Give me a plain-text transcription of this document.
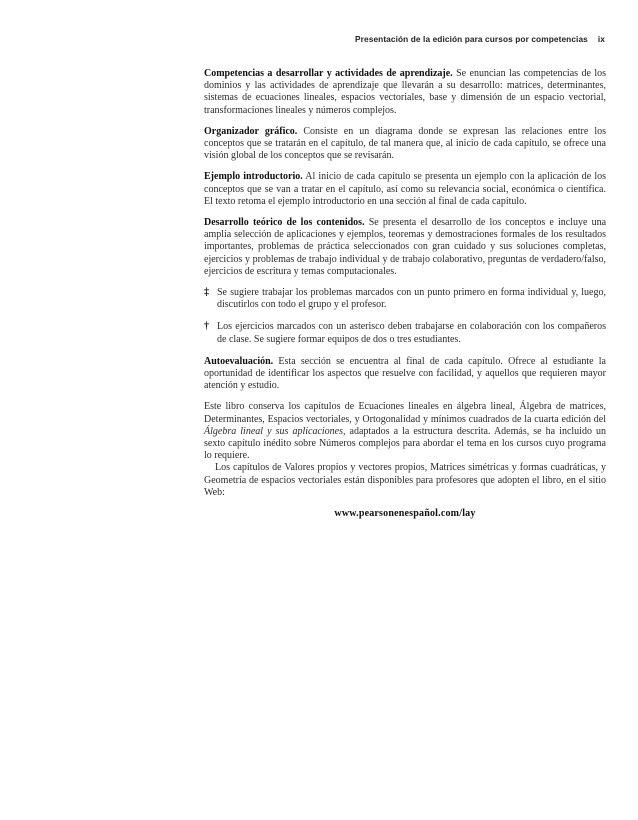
Presentación de la edición para cursos por competencias ix

Competencias a desarrollar y actividades de aprendizaje. Se enuncian las competencias de los dominios y las actividades de aprendizaje que llevarán a su desarrollo: matrices, determinantes, sistemas de ecuaciones lineales, espacios vectoriales, base y dimensión de un espacio vectorial, transformaciones lineales y números complejos.

Organizador gráfico. Consiste en un diagrama donde se expresan las relaciones entre los conceptos que se tratarán en el capítulo, de tal manera que, al inicio de cada capítulo, se ofrece una visión global de los conceptos que se revisarán.

Ejemplo introductorio. Al inicio de cada capítulo se presenta un ejemplo con la aplicación de los conceptos que se van a tratar en el capítulo, así como su relevancia social, económica o científica. El texto retoma el ejemplo introductorio en una sección al final de cada capítulo.

Desarrollo teórico de los contenidos. Se presenta el desarrollo de los conceptos e incluye una amplia selección de aplicaciones y ejemplos, teoremas y demostraciones formales de los resultados importantes, problemas de práctica seleccionados con gran cuidado y sus soluciones completas, ejercicios y problemas de trabajo individual y de trabajo colaborativo, preguntas de verdadero/falso, ejercicios de escritura y temas computacionales.

‡ Se sugiere trabajar los problemas marcados con un punto primero en forma individual y, luego, discutirlos con todo el grupo y el profesor.
† Los ejercicios marcados con un asterisco deben trabajarse en colaboración con los compañeros de clase. Se sugiere formar equipos de dos o tres estudiantes.

Autoevaluación. Esta sección se encuentra al final de cada capítulo. Ofrece al estudiante la oportunidad de identificar los aspectos que resuelve con facilidad, y aquellos que requieren mayor atención y estudio.

Este libro conserva los capítulos de Ecuaciones lineales en álgebra lineal, Álgebra de matrices, Determinantes, Espacios vectoriales, y Ortogonalidad y mínimos cuadrados de la cuarta edición del Álgebra lineal y sus aplicaciones, adaptados a la estructura descrita. Además, se ha incluido un sexto capítulo inédito sobre Números complejos para abordar el tema en los cursos cuyo programa lo requiere.

Los capítulos de Valores propios y vectores propios, Matrices simétricas y formas cuadráticas, y Geometría de espacios vectoriales están disponibles para profesores que adopten el libro, en el sitio Web:

www.pearsonenespañol.com/lay
